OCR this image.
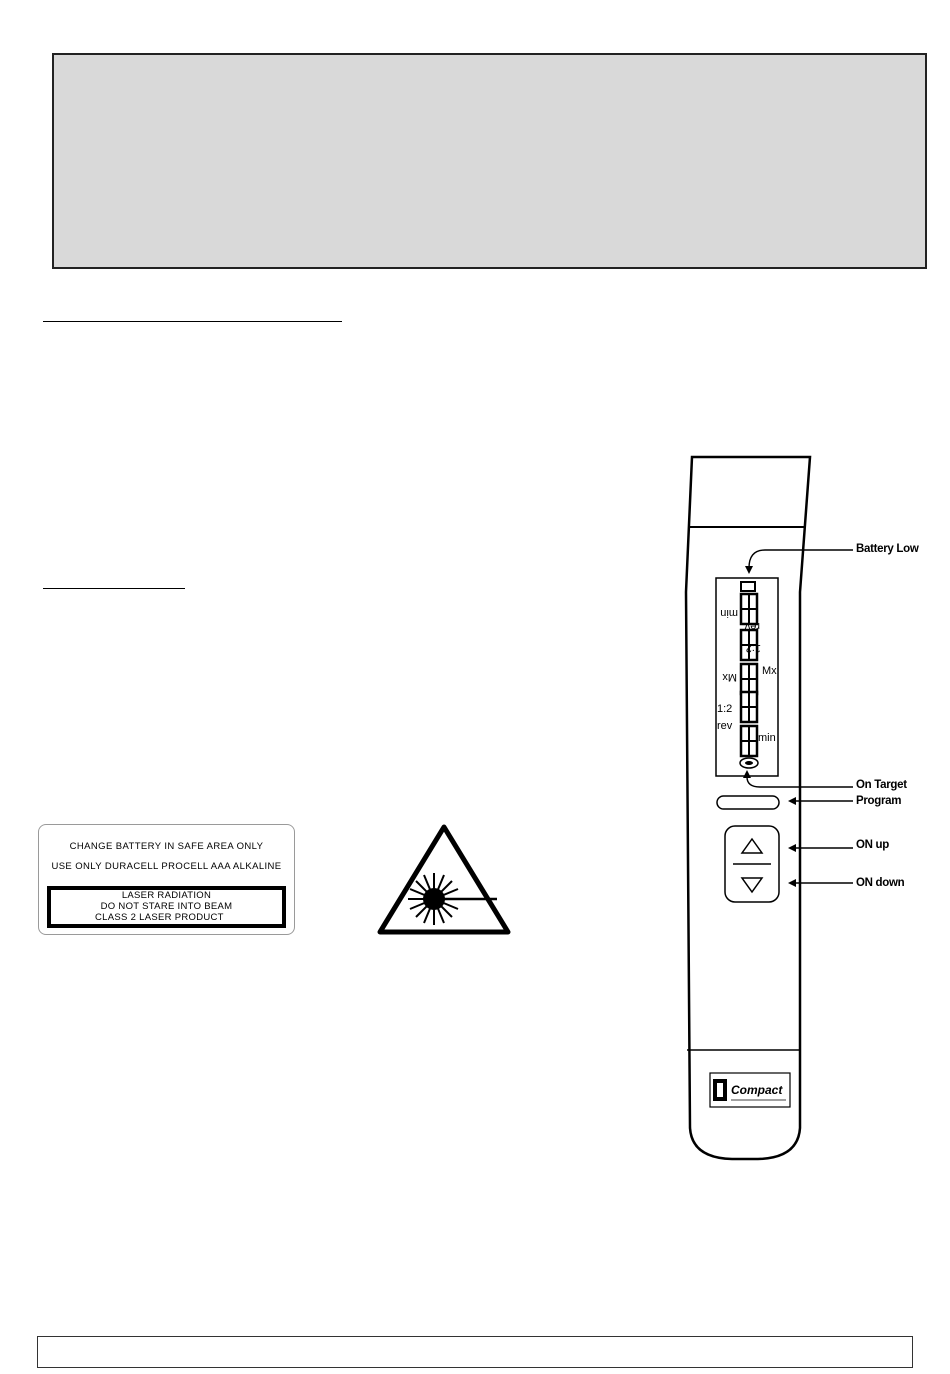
CHANGE BATTERY IN SAFE AREA ONLY
USE ONLY DURACELL PROCELL AAA ALKALINE
LASER RADIATION
DO NOT STARE INTO BEAM
CLASS 2 LASER PRODUCT
rev
min
1:2
Mx
Mx
1:2
rev
min
Compact
Battery Low
On Target
Program
ON up
ON down
